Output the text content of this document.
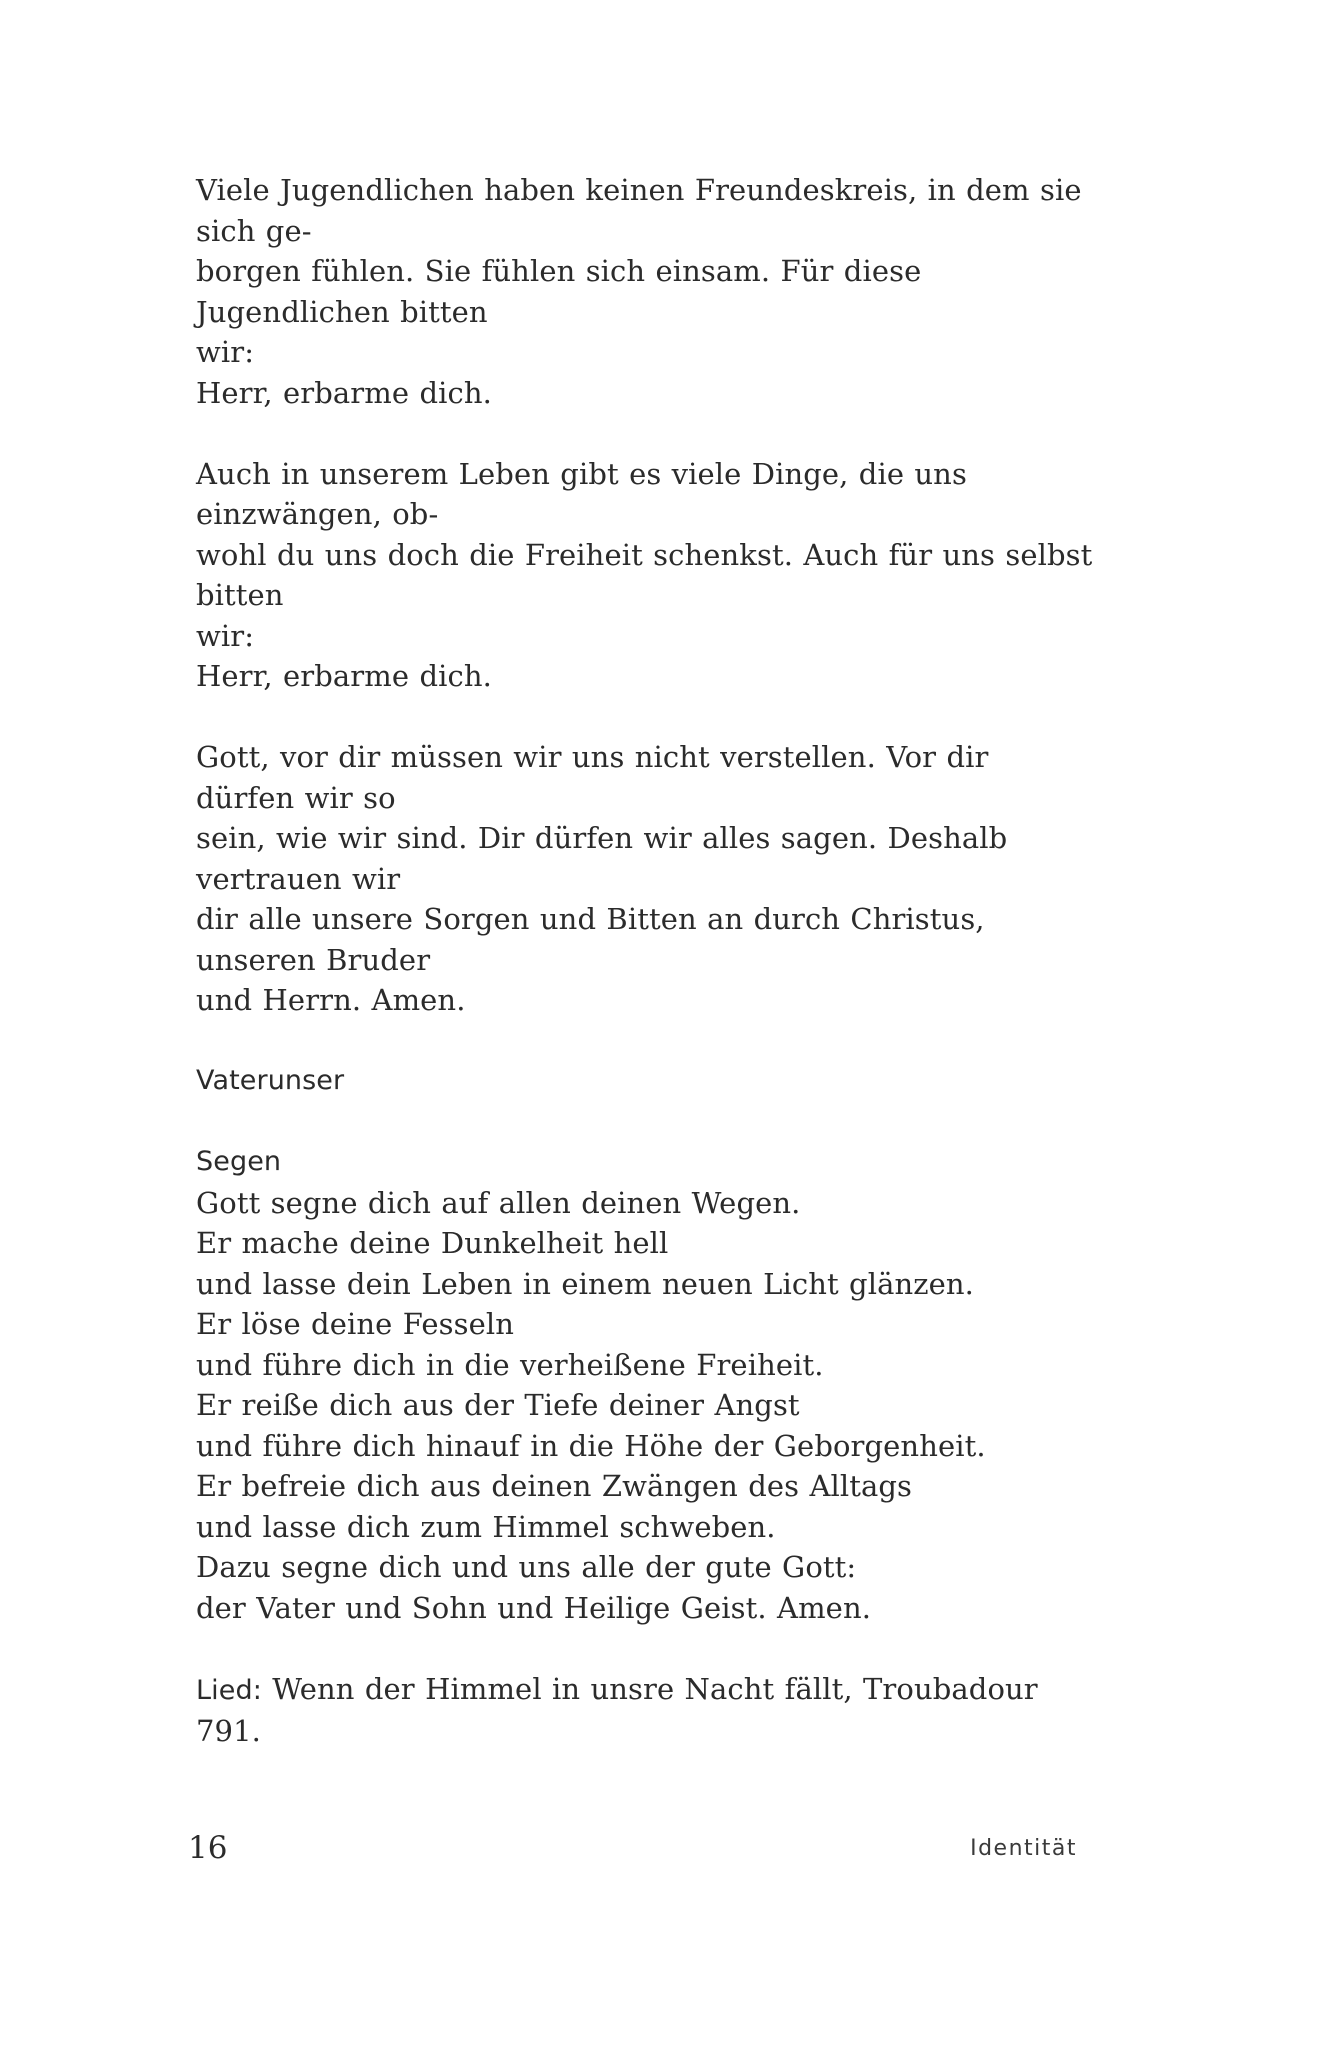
Viele Jugendlichen haben keinen Freundeskreis, in dem sie sich ge-

borgen fühlen. Sie fühlen sich einsam. Für diese Jugendlichen bitten

wir:

Herr, erbarme dich.

Auch in unserem Leben gibt es viele Dinge, die uns einzwängen, ob-

wohl du uns doch die Freiheit schenkst. Auch für uns selbst bitten

wir:

Herr, erbarme dich.

Gott, vor dir müssen wir uns nicht verstellen. Vor dir dürfen wir so

sein, wie wir sind. Dir dürfen wir alles sagen. Deshalb vertrauen wir

dir alle unsere Sorgen und Bitten an durch Christus, unseren Bruder

und Herrn. Amen.

Vaterunser

Segen

Gott segne dich auf allen deinen Wegen.

Er mache deine Dunkelheit hell

und lasse dein Leben in einem neuen Licht glänzen.

Er löse deine Fesseln

und führe dich in die verheißene Freiheit.

Er reiße dich aus der Tiefe deiner Angst

und führe dich hinauf in die Höhe der Geborgenheit.

Er befreie dich aus deinen Zwängen des Alltags

und lasse dich zum Himmel schweben.

Dazu segne dich und uns alle der gute Gott:

der Vater und Sohn und Heilige Geist. Amen.

Lied: Wenn der Himmel in unsre Nacht fällt, Troubadour 791.

16	Identität
